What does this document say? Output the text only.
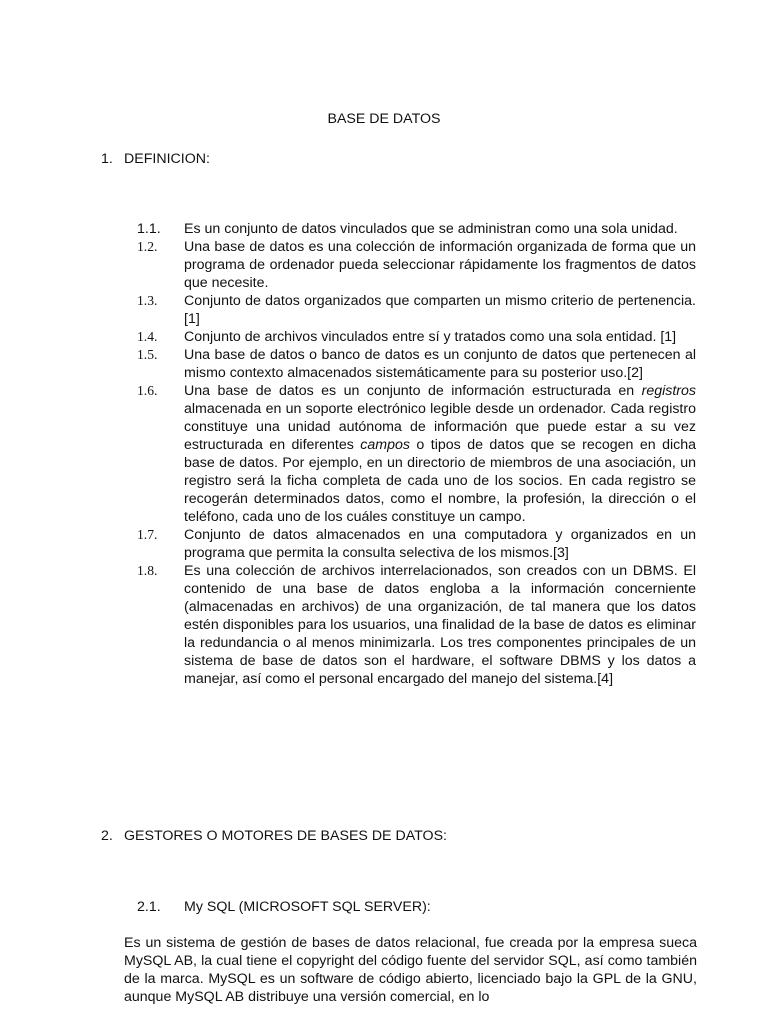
BASE DE DATOS
1. DEFINICION:
1.1.	Es un conjunto de datos vinculados que se administran como una sola unidad.
1.2.	Una base de datos es una colección de información organizada de forma que un programa de ordenador pueda seleccionar rápidamente los fragmentos de datos que necesite.
1.3.	Conjunto de datos organizados que comparten un mismo criterio de pertenencia.[1]
1.4.	Conjunto de archivos vinculados entre sí y tratados como una sola entidad. [1]
1.5.	Una base de datos o banco de datos es un conjunto de datos que pertenecen al mismo contexto almacenados sistemáticamente para su posterior uso.[2]
1.6.	Una base de datos es un conjunto de información estructurada en registros almacenada en un soporte electrónico legible desde un ordenador. Cada registro constituye una unidad autónoma de información que puede estar a su vez estructurada en diferentes campos o tipos de datos que se recogen en dicha base de datos. Por ejemplo, en un directorio de miembros de una asociación, un registro será la ficha completa de cada uno de los socios. En cada registro se recogerán determinados datos, como el nombre, la profesión, la dirección o el teléfono, cada uno de los cuáles constituye un campo.
1.7.	Conjunto de datos almacenados en una computadora y organizados en un programa que permita la consulta selectiva de los mismos.[3]
1.8.	Es una colección de archivos interrelacionados, son creados con un DBMS. El contenido de una base de datos engloba a la información concerniente (almacenadas en archivos) de una organización, de tal manera que los datos estén disponibles para los usuarios, una finalidad de la base de datos es eliminar la redundancia o al menos minimizarla. Los tres componentes principales de un sistema de base de datos son el hardware, el software DBMS y los datos a manejar, así como el personal encargado del manejo del sistema.[4]
2. GESTORES O MOTORES DE BASES DE DATOS:
2.1. My SQL (MICROSOFT SQL SERVER):
Es un sistema de gestión de bases de datos relacional, fue creada por la empresa sueca MySQL AB, la cual tiene el copyright del código fuente del servidor SQL, así como también de la marca. MySQL es un software de código abierto, licenciado bajo la GPL de la GNU, aunque MySQL AB distribuye una versión comercial, en lo
